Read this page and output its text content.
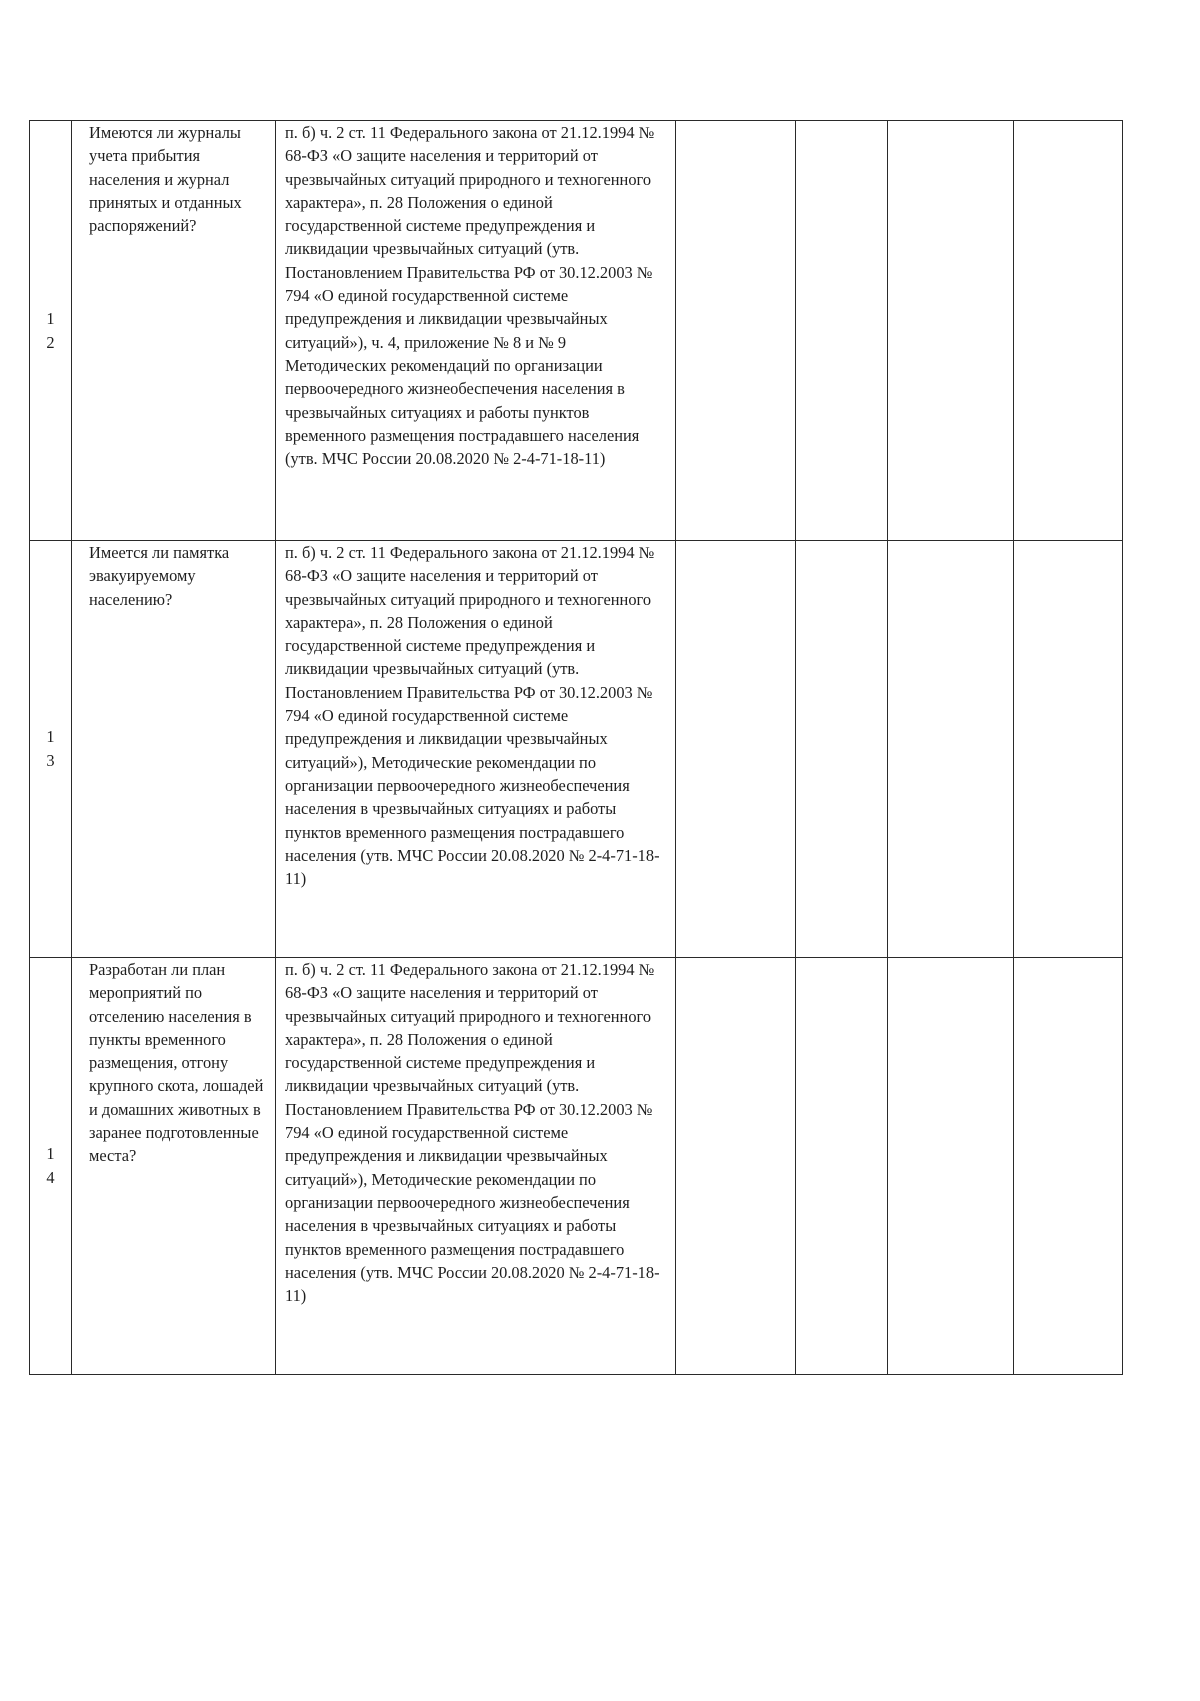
1
2	Имеются ли журналы учета прибытия населения и журнал принятых и отданных распоряжений?	п. б) ч. 2 ст. 11 Федерального закона от 21.12.1994 № 68-ФЗ «О защите населения и территорий от чрезвычайных ситуаций природного и техногенного характера», п. 28 Положения о единой государственной системе предупреждения и ликвидации чрезвычайных ситуаций (утв. Постановлением Правительства РФ от 30.12.2003 № 794 «О единой государственной системе предупреждения и ликвидации чрезвычайных ситуаций»), ч. 4, приложение № 8 и № 9 Методических рекомендаций по организации первоочередного жизнеобеспечения населения в чрезвычайных ситуациях и работы пунктов временного размещения пострадавшего населения (утв. МЧС России 20.08.2020 № 2-4-71-18-11)				

1
3	Имеется ли памятка эвакуируемому населению?	п. б) ч. 2 ст. 11 Федерального закона от 21.12.1994 № 68-ФЗ «О защите населения и территорий от чрезвычайных ситуаций природного и техногенного характера», п. 28 Положения о единой государственной системе предупреждения и ликвидации чрезвычайных ситуаций (утв. Постановлением Правительства РФ от 30.12.2003 № 794 «О единой государственной системе предупреждения и ликвидации чрезвычайных ситуаций»), Методические рекомендации по организации первоочередного жизнеобеспечения населения в чрезвычайных ситуациях и работы пунктов временного размещения пострадавшего населения (утв. МЧС России 20.08.2020 № 2-4-71-18-11)				

1
4	Разработан ли план мероприятий по отселению населения в пункты временного размещения, отгону крупного скота, лошадей и домашних животных в заранее подготовленные места?	п. б) ч. 2 ст. 11 Федерального закона от 21.12.1994 № 68-ФЗ «О защите населения и территорий от чрезвычайных ситуаций природного и техногенного характера», п. 28 Положения о единой государственной системе предупреждения и ликвидации чрезвычайных ситуаций (утв. Постановлением Правительства РФ от 30.12.2003 № 794 «О единой государственной системе предупреждения и ликвидации чрезвычайных ситуаций»), Методические рекомендации по организации первоочередного жизнеобеспечения населения в чрезвычайных ситуациях и работы пунктов временного размещения пострадавшего населения (утв. МЧС России 20.08.2020 № 2-4-71-18-11)				
